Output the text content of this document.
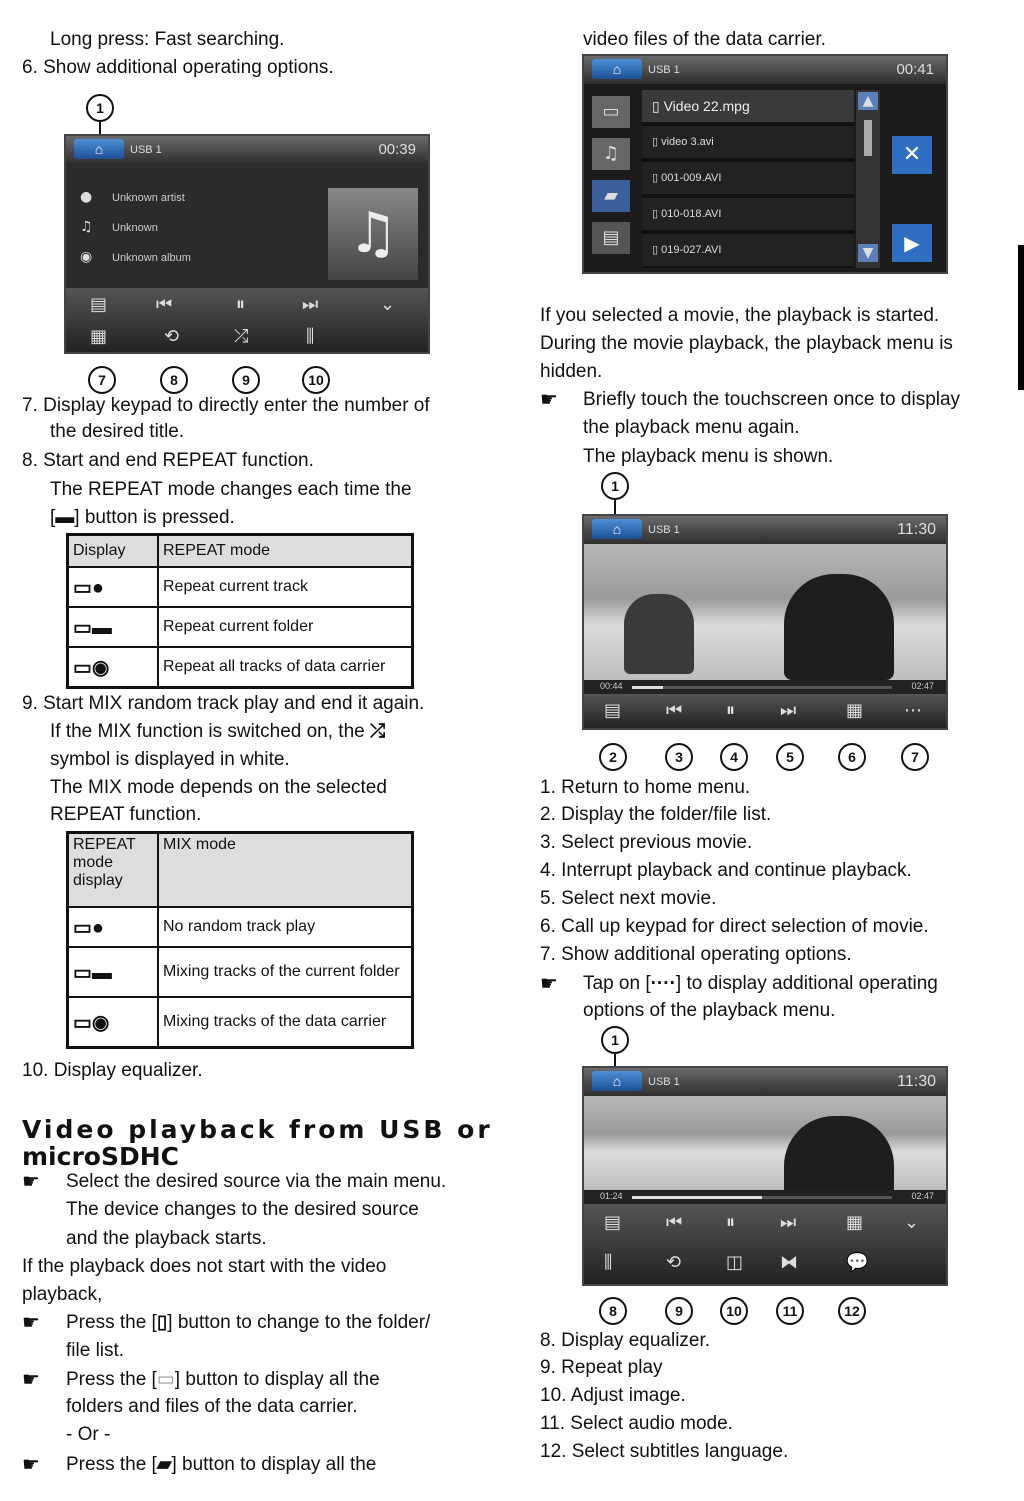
Long press: Fast searching.
6. Show additional operating options.
1
⌂	USB 1	00:39
● Unknown artist
♫ Unknown
◉ Unknown album	♫
▤	⏮	⏸	⏭	⌄
▦	⟲	⤮	⫼
7	8	9	10
7. Display keypad to directly enter the number of
the desired title.
8. Start and end REPEAT function.
The REPEAT mode changes each time the
[▬] button is pressed.
Display	REPEAT mode
▭●	Repeat current track
▭▬	Repeat current folder
▭◉	Repeat all tracks of data carrier
9. Start MIX random track play and end it again.
If the MIX function is switched on, the ⤮
symbol is displayed in white.
The MIX mode depends on the selected
REPEAT function.
REPEAT mode display	MIX mode
▭●	No random track play
▭▬	Mixing tracks of the current folder
▭◉	Mixing tracks of the data carrier
10. Display equalizer.
Video playback from USB or
microSDHC
☛ Select the desired source via the main menu.
The device changes to the desired source
and the playback starts.
If the playback does not start with the video
playback,
☛ Press the [▯] button to change to the folder/
file list.
☛ Press the [▭] button to display all the
folders and files of the data carrier.
- Or -
☛ Press the [▰] button to display all the
video files of the data carrier.
⌂	USB 1	00:41
▭
♫
▰
▤
▯ Video 22.mpg
▯ video 3.avi
▯ 001-009.AVI
▯ 010-018.AVI
▯ 019-027.AVI
▲
▼
✕
▶
If you selected a movie, the playback is started.
During the movie playback, the playback menu is
hidden.
☛ Briefly touch the touchscreen once to display
the playback menu again.
The playback menu is shown.
1
⌂	USB 1	11:30
00:44	02:47
▤ ⏮ ⏸	⏭	▦ ⋯
2	3	4	5	6	7
1. Return to home menu.
2. Display the folder/file list.
3. Select previous movie.
4. Interrupt playback and continue playback.
5. Select next movie.
6. Call up keypad for direct selection of movie.
7. Show additional operating options.
☛ Tap on [····] to display additional operating
options of the playback menu.
1
⌂	USB 1	11:30
01:24	02:47
▤ ⏮ ⏸	⏭	▦ ⌄
⫼	⟲ ◫ ⧓	💬
8	9	10	11	12
8. Display equalizer.
9. Repeat play
10. Adjust image.
11. Select audio mode.
12. Select subtitles language.
